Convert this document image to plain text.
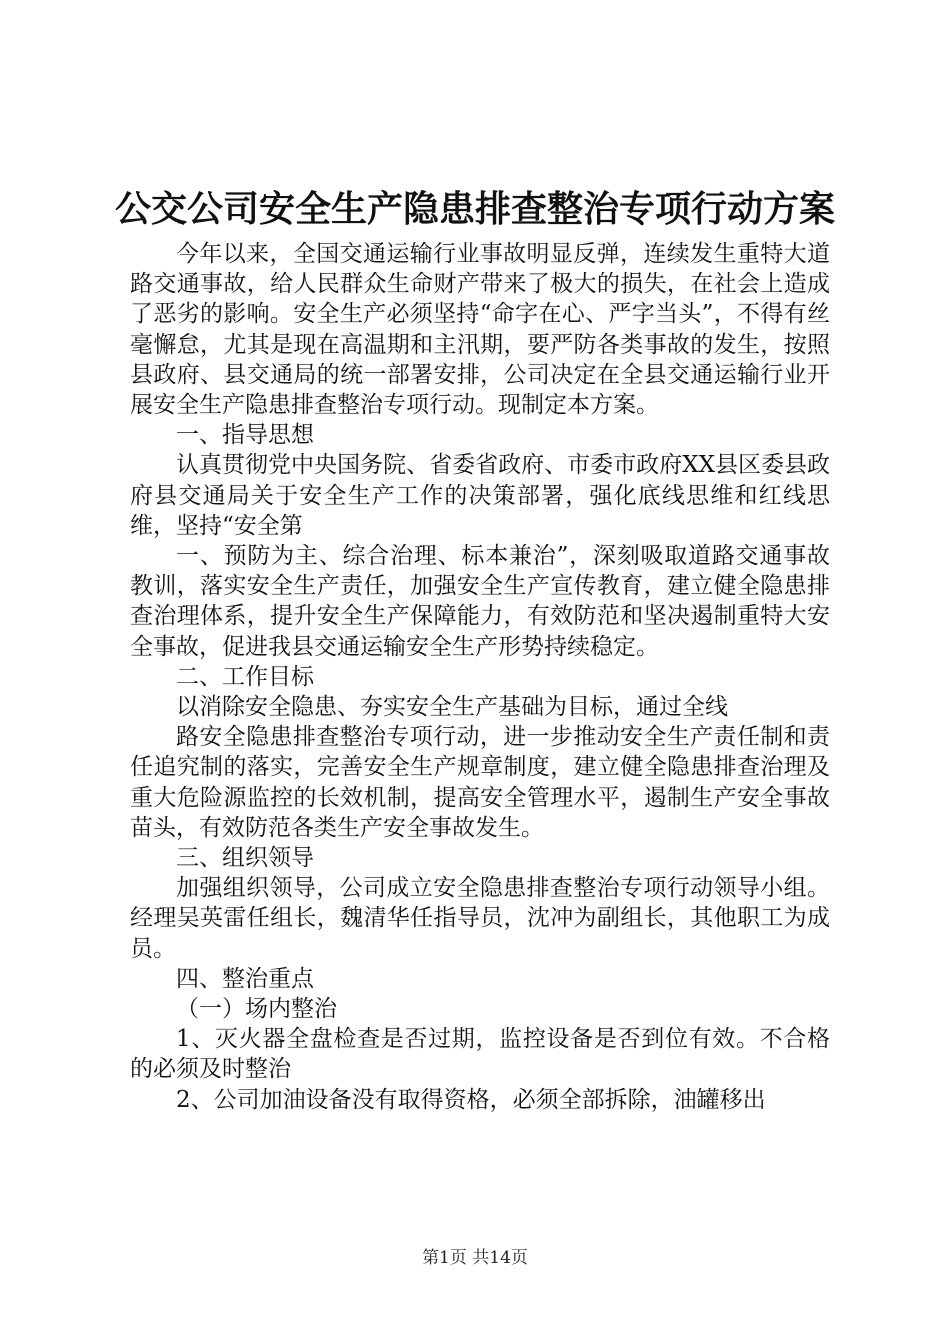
公交公司安全生产隐患排查整治专项行动方案

今年以来，全国交通运输行业事故明显反弹，连续发生重特大道路交通事故，给人民群众生命财产带来了极大的损失，在社会上造成了恶劣的影响。安全生产必须坚持“命字在心、严字当头”，不得有丝毫懈怠，尤其是现在高温期和主汛期，要严防各类事故的发生，按照县政府、县交通局的统一部署安排，公司决定在全县交通运输行业开展安全生产隐患排查整治专项行动。现制定本方案。

一、指导思想

认真贯彻党中央国务院、省委省政府、市委市政府XX县区委县政府县交通局关于安全生产工作的决策部署，强化底线思维和红线思维，坚持“安全第

一、预防为主、综合治理、标本兼治”，深刻吸取道路交通事故教训，落实安全生产责任，加强安全生产宣传教育，建立健全隐患排查治理体系，提升安全生产保障能力，有效防范和坚决遏制重特大安全事故，促进我县交通运输安全生产形势持续稳定。

二、工作目标

以消除安全隐患、夯实安全生产基础为目标，通过全线

路安全隐患排查整治专项行动，进一步推动安全生产责任制和责任追究制的落实，完善安全生产规章制度，建立健全隐患排查治理及重大危险源监控的长效机制，提高安全管理水平，遏制生产安全事故苗头，有效防范各类生产安全事故发生。

三、组织领导

加强组织领导，公司成立安全隐患排查整治专项行动领导小组。经理吴英雷任组长，魏清华任指导员，沈冲为副组长，其他职工为成员。

四、整治重点

（一）场内整治

1、灭火器全盘检查是否过期，监控设备是否到位有效。不合格的必须及时整治

2、公司加油设备没有取得资格，必须全部拆除，油罐移出

第1页 共14页
